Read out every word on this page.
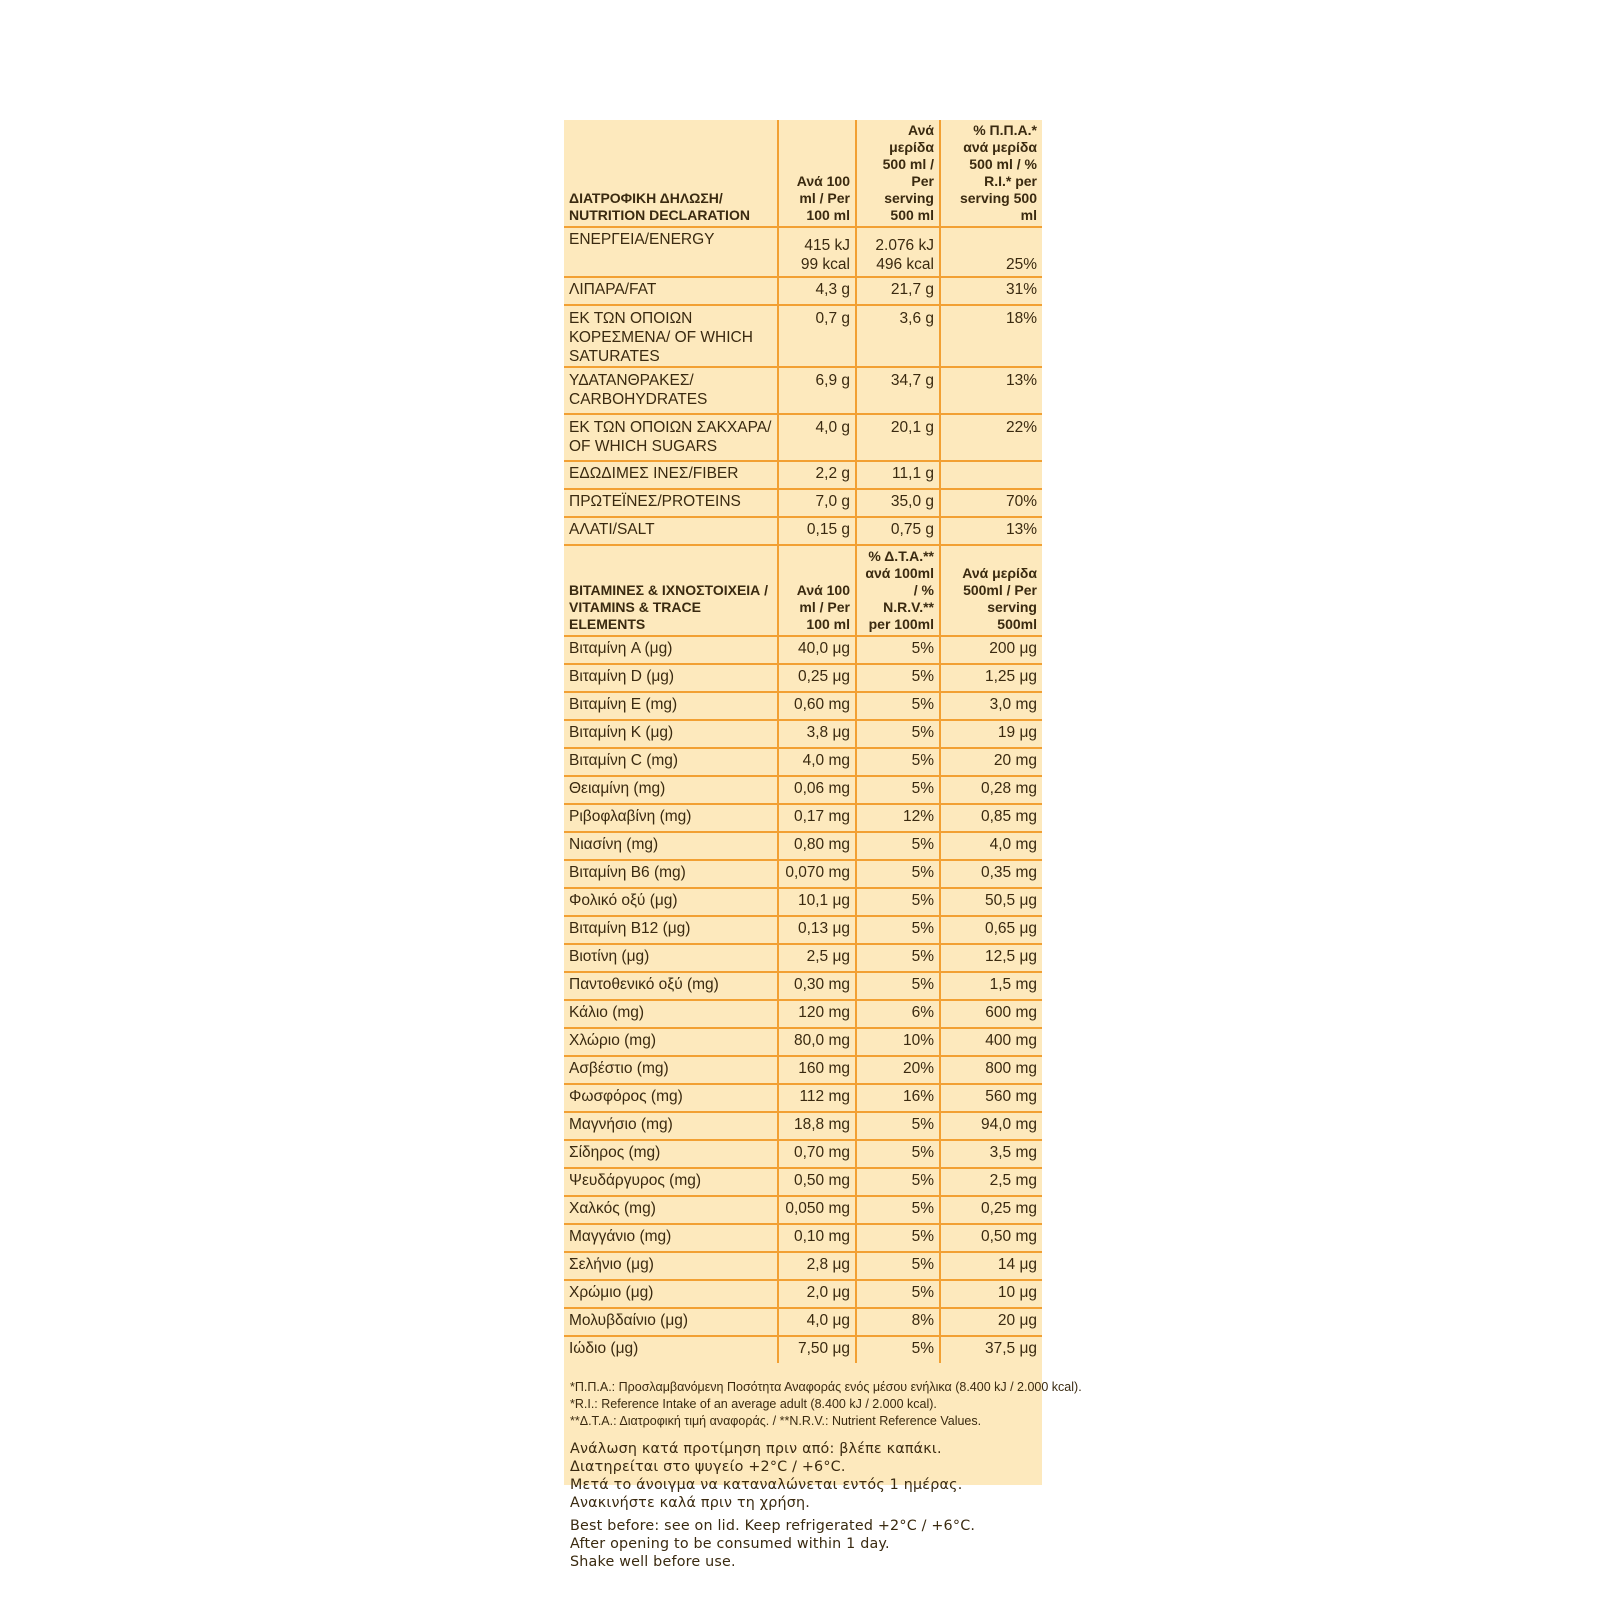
ΔΙΑΤΡΟΦΙΚΗ ΔΗΛΩΣΗ/ NUTRITION DECLARATION	Ανά 100 ml / Per 100 ml	Ανά μερίδα 500 ml / Per serving 500 ml	% Π.Π.Α.* ανά μερίδα 500 ml / % R.I.* per serving 500 ml
ΕΝΕΡΓΕΙΑ/ENERGY	415 kJ 99 kcal	2.076 kJ 496 kcal	25%
ΛΙΠΑΡΑ/FAT	4,3 g	21,7 g	31%
ΕΚ ΤΩΝ ΟΠΟΙΩΝ ΚΟΡΕΣΜΕΝΑ/ OF WHICH SATURATES	0,7 g	3,6 g	18%
ΥΔΑΤΑΝΘΡΑΚΕΣ/ CARBOHYDRATES	6,9 g	34,7 g	13%
ΕΚ ΤΩΝ ΟΠΟΙΩΝ ΣΑΚΧΑΡΑ/ OF WHICH SUGARS	4,0 g	20,1 g	22%
ΕΔΩΔΙΜΕΣ ΙΝΕΣ/FIBER	2,2 g	11,1 g	
ΠΡΩΤΕΪΝΕΣ/PROTEINS	7,0 g	35,0 g	70%
ΑΛΑΤΙ/SALT	0,15 g	0,75 g	13%
ΒΙΤΑΜΙΝΕΣ & ΙΧΝΟΣΤΟΙΧΕΙΑ / VITAMINS & TRACE ELEMENTS	Ανά 100 ml / Per 100 ml	% Δ.Τ.Α.** ανά 100ml / % N.R.V.** per 100ml	Ανά μερίδα 500ml / Per serving 500ml
Βιταμίνη A (μg)	40,0 μg	5%	200 μg
Βιταμίνη D (μg)	0,25 μg	5%	1,25 μg
Βιταμίνη E (mg)	0,60 mg	5%	3,0 mg
Βιταμίνη K (μg)	3,8 μg	5%	19 μg
Βιταμίνη C (mg)	4,0 mg	5%	20 mg
Θειαμίνη (mg)	0,06 mg	5%	0,28 mg
Ριβοφλαβίνη (mg)	0,17 mg	12%	0,85 mg
Νιασίνη (mg)	0,80 mg	5%	4,0 mg
Βιταμίνη B6 (mg)	0,070 mg	5%	0,35 mg
Φολικό οξύ (μg)	10,1 μg	5%	50,5 μg
Βιταμίνη B12 (μg)	0,13 μg	5%	0,65 μg
Βιοτίνη (μg)	2,5 μg	5%	12,5 μg
Παντοθενικό οξύ (mg)	0,30 mg	5%	1,5 mg
Κάλιο (mg)	120 mg	6%	600 mg
Χλώριο (mg)	80,0 mg	10%	400 mg
Ασβέστιο (mg)	160 mg	20%	800 mg
Φωσφόρος (mg)	112 mg	16%	560 mg
Μαγνήσιο (mg)	18,8 mg	5%	94,0 mg
Σίδηρος (mg)	0,70 mg	5%	3,5 mg
Ψευδάργυρος (mg)	0,50 mg	5%	2,5 mg
Χαλκός (mg)	0,050 mg	5%	0,25 mg
Μαγγάνιο (mg)	0,10 mg	5%	0,50 mg
Σελήνιο (μg)	2,8 μg	5%	14 μg
Χρώμιο (μg)	2,0 μg	5%	10 μg
Μολυβδαίνιο (μg)	4,0 μg	8%	20 μg
Ιώδιο (μg)	7,50 μg	5%	37,5 μg
*Π.Π.Α.: Προσλαμβανόμενη Ποσότητα Αναφοράς ενός μέσου ενήλικα (8.400 kJ / 2.000 kcal).
*R.I.: Reference Intake of an average adult (8.400 kJ / 2.000 kcal).
**Δ.Τ.Α.: Διατροφική τιμή αναφοράς. / **N.R.V.: Nutrient Reference Values.
Ανάλωση κατά προτίμηση πριν από: βλέπε καπάκι.
Διατηρείται στο ψυγείο +2°C / +6°C.
Μετά το άνοιγμα να καταναλώνεται εντός 1 ημέρας.
Ανακινήστε καλά πριν τη χρήση.
Best before: see on lid. Keep refrigerated +2°C / +6°C.
After opening to be consumed within 1 day.
Shake well before use.
